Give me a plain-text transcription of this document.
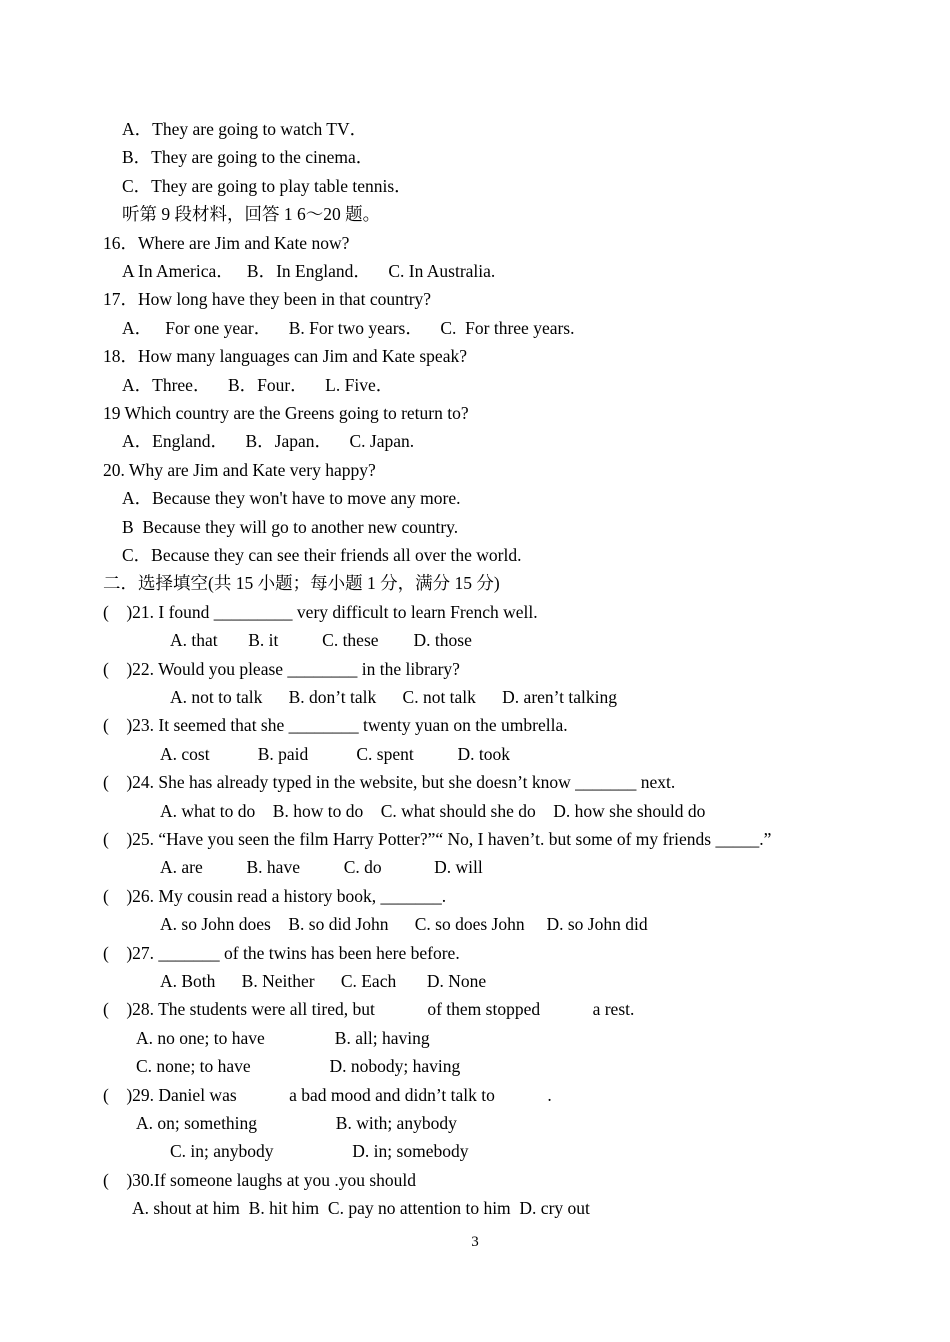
A．They are going to watch TV．
B．They are going to the cinema．
C．They are going to play table tennis．
听第 9 段材料，回答 1 6～20 题。
16．Where are Jim and Kate now?
A In America．   B．In England．    C. In Australia.
17．How long have they been in that country?
A．   For one year．    B. For two years．    C.  For three years.
18．How many languages can Jim and Kate speak?
A．Three．    B．Four．    L. Five．
19 Which country are the Greens going to return to?
A．England．    B．Japan．    C. Japan.
20. Why are Jim and Kate very happy?
A．Because they won't have to move any more.
B  Because they will go to another new country.
C．Because they can see their friends all over the world.
二．选择填空(共 15 小题；每小题 1 分，满分 15 分)
(    )21. I found _________ very difficult to learn French well.
A. that       B. it          C. these        D. those
(    )22. Would you please ________ in the library?
A. not to talk      B. don’t talk      C. not talk      D. aren’t talking
(    )23. It seemed that she ________ twenty yuan on the umbrella.
A. cost           B. paid           C. spent          D. took
(    )24. She has already typed in the website, but she doesn’t know _______ next.
A. what to do    B. how to do    C. what should she do    D. how she should do
(    )25. “Have you seen the film Harry Potter?”“ No, I haven’t. but some of my friends _____.”
A. are          B. have          C. do            D. will
(    )26. My cousin read a history book, _______.
A. so John does    B. so did John      C. so does John     D. so John did
(    )27. _______ of the twins has been here before.
A. Both      B. Neither      C. Each       D. None
(    )28. The students were all tired, but            of them stopped            a rest.
A. no one; to have                B. all; having
C. none; to have                  D. nobody; having
(    )29. Daniel was            a bad mood and didn’t talk to            .
A. on; something                  B. with; anybody
C. in; anybody                  D. in; somebody
(    )30.If someone laughs at you .you should
A. shout at him  B. hit him  C. pay no attention to him  D. cry out
3
